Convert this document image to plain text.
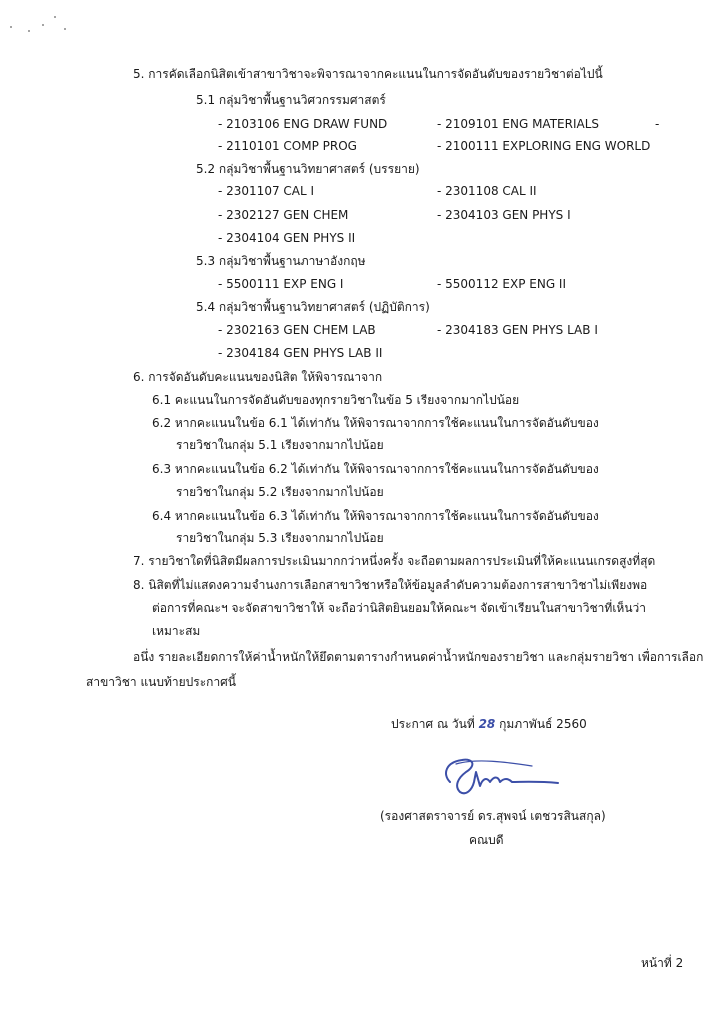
5. การคัดเลือกนิสิตเข้าสาขาวิชาจะพิจารณาจากคะแนนในการจัดอันดับของรายวิชาต่อไปนี้
5.1 กลุ่มวิชาพื้นฐานวิศวกรรมศาสตร์
- 2103106 ENG DRAW FUND	- 2109101 ENG MATERIALS	-
- 2110101 COMP PROG	- 2100111 EXPLORING ENG WORLD
5.2 กลุ่มวิชาพื้นฐานวิทยาศาสตร์ (บรรยาย)
- 2301107 CAL I	- 2301108 CAL II
- 2302127 GEN CHEM	- 2304103 GEN PHYS I
- 2304104 GEN PHYS II
5.3 กลุ่มวิชาพื้นฐานภาษาอังกฤษ
- 5500111 EXP ENG I	- 5500112 EXP ENG II
5.4 กลุ่มวิชาพื้นฐานวิทยาศาสตร์ (ปฏิบัติการ)
- 2302163 GEN CHEM LAB	- 2304183 GEN PHYS LAB I
- 2304184 GEN PHYS LAB II
6. การจัดอันดับคะแนนของนิสิต ให้พิจารณาจาก
6.1 คะแนนในการจัดอันดับของทุกรายวิชาในข้อ 5 เรียงจากมากไปน้อย
6.2 หากคะแนนในข้อ 6.1 ได้เท่ากัน ให้พิจารณาจากการใช้คะแนนในการจัดอันดับของ
รายวิชาในกลุ่ม 5.1 เรียงจากมากไปน้อย
6.3 หากคะแนนในข้อ 6.2 ได้เท่ากัน ให้พิจารณาจากการใช้คะแนนในการจัดอันดับของ
รายวิชาในกลุ่ม 5.2 เรียงจากมากไปน้อย
6.4 หากคะแนนในข้อ 6.3 ได้เท่ากัน ให้พิจารณาจากการใช้คะแนนในการจัดอันดับของ
รายวิชาในกลุ่ม 5.3 เรียงจากมากไปน้อย
7. รายวิชาใดที่นิสิตมีผลการประเมินมากกว่าหนึ่งครั้ง จะถือตามผลการประเมินที่ให้คะแนนเกรดสูงที่สุด
8. นิสิตที่ไม่แสดงความจำนงการเลือกสาขาวิชาหรือให้ข้อมูลลำดับความต้องการสาขาวิชาไม่เพียงพอ
ต่อการที่คณะฯ จะจัดสาขาวิชาให้ จะถือว่านิสิตยินยอมให้คณะฯ จัดเข้าเรียนในสาขาวิชาที่เห็นว่า
เหมาะสม
อนึ่ง รายละเอียดการให้ค่าน้ำหนักให้ยึดตามตารางกำหนดค่าน้ำหนักของรายวิชา และกลุ่มรายวิชา เพื่อการเลือก
สาขาวิชา แนบท้ายประกาศนี้
ประกาศ ณ วันที่ 28 กุมภาพันธ์ 2560
(รองศาสตราจารย์ ดร.สุพจน์ เตชวรสินสกุล)
คณบดี
หน้าที่ 2
